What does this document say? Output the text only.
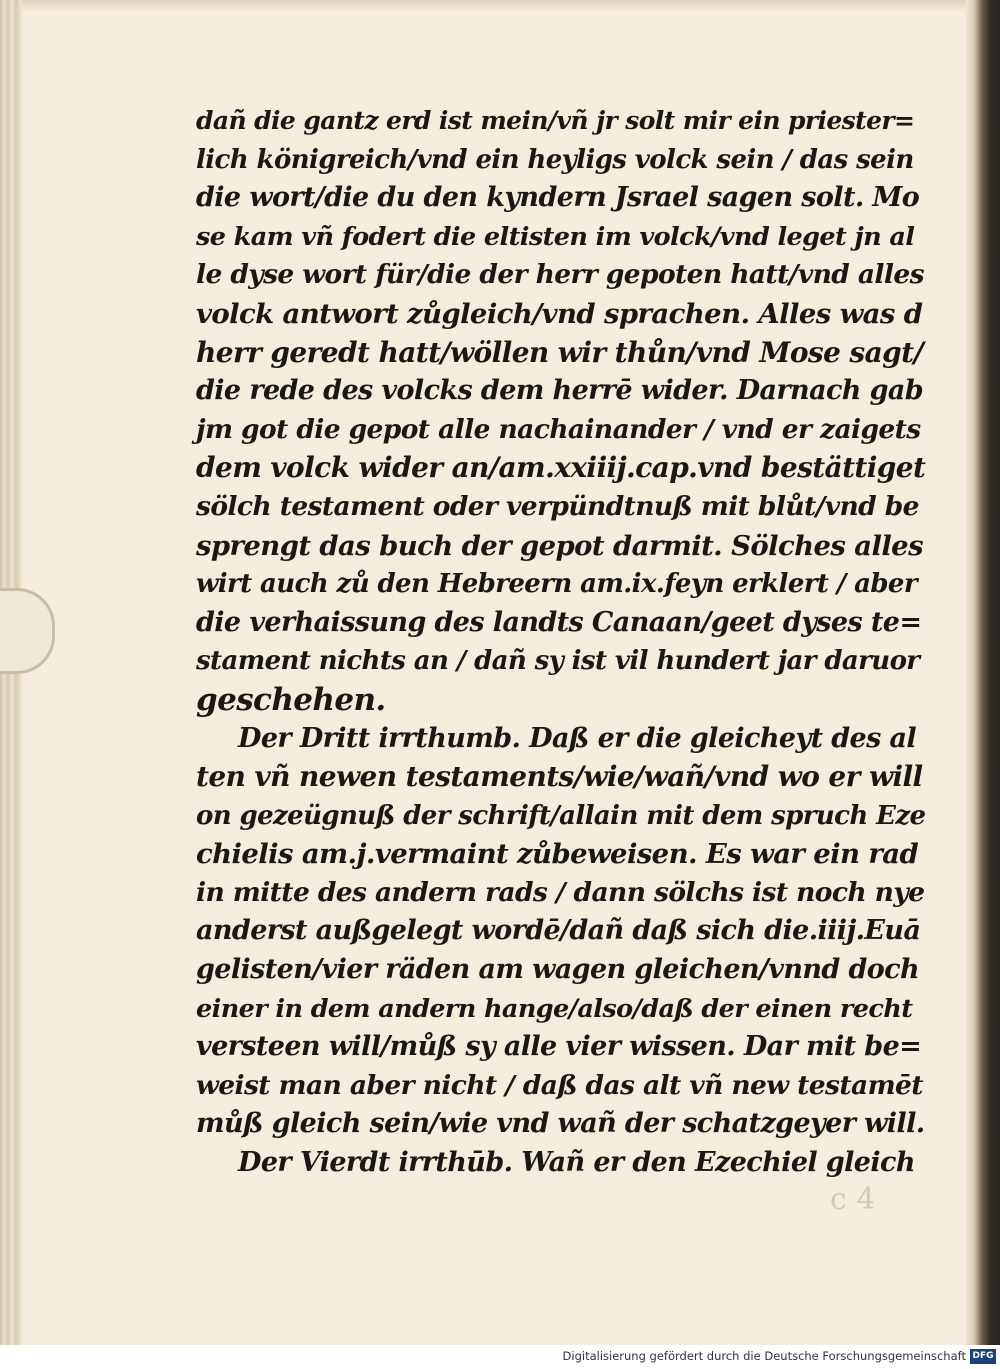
dañ die gantz erd ist mein/vñ jr solt mir ein priester=
lich königreich/vnd ein heyligs volck sein / das sein
die wort/die du den kyndern Jsrael sagen solt. Mo
se kam vñ fodert die eltisten im volck/vnd leget jn al
le dyse wort für/die der herr gepoten hatt/vnd alles
volck antwort zůgleich/vnd sprachen. Alles was d
herr geredt hatt/wöllen wir thůn/vnd Mose sagt/
die rede des volcks dem herrē wider. Darnach gab
jm got die gepot alle nachainander / vnd er zaigets
dem volck wider an/am.xxiiij.cap.vnd bestättiget
sölch testament oder verpündtnuß mit blůt/vnd be
sprengt das buch der gepot darmit. Sölches alles
wirt auch zů den Hebreern am.ix.feyn erklert / aber
die verhaissung des landts Canaan/geet dyses te=
stament nichts an / dañ sy ist vil hundert jar daruor
geschehen.
Der Dritt irrthumb. Daß er die gleicheyt des al
ten vñ newen testaments/wie/wañ/vnd wo er will
on gezeügnuß der schrift/allain mit dem spruch Eze
chielis am.j.vermaint zůbeweisen. Es war ein rad
in mitte des andern rads / dann sölchs ist noch nye
anderst außgelegt wordē/dañ daß sich die.iiij.Euā
gelisten/vier räden am wagen gleichen/vnnd doch
einer in dem andern hange/also/daß der einen recht
versteen will/můß sy alle vier wissen. Dar mit be=
weist man aber nicht / daß das alt vñ new testamēt
můß gleich sein/wie vnd wañ der schatzgeyer will.
Der Vierdt irrthūb. Wañ er den Ezechiel gleich
c 4
Digitalisierung gefördert durch die Deutsche Forschungsgemeinschaft DFG
